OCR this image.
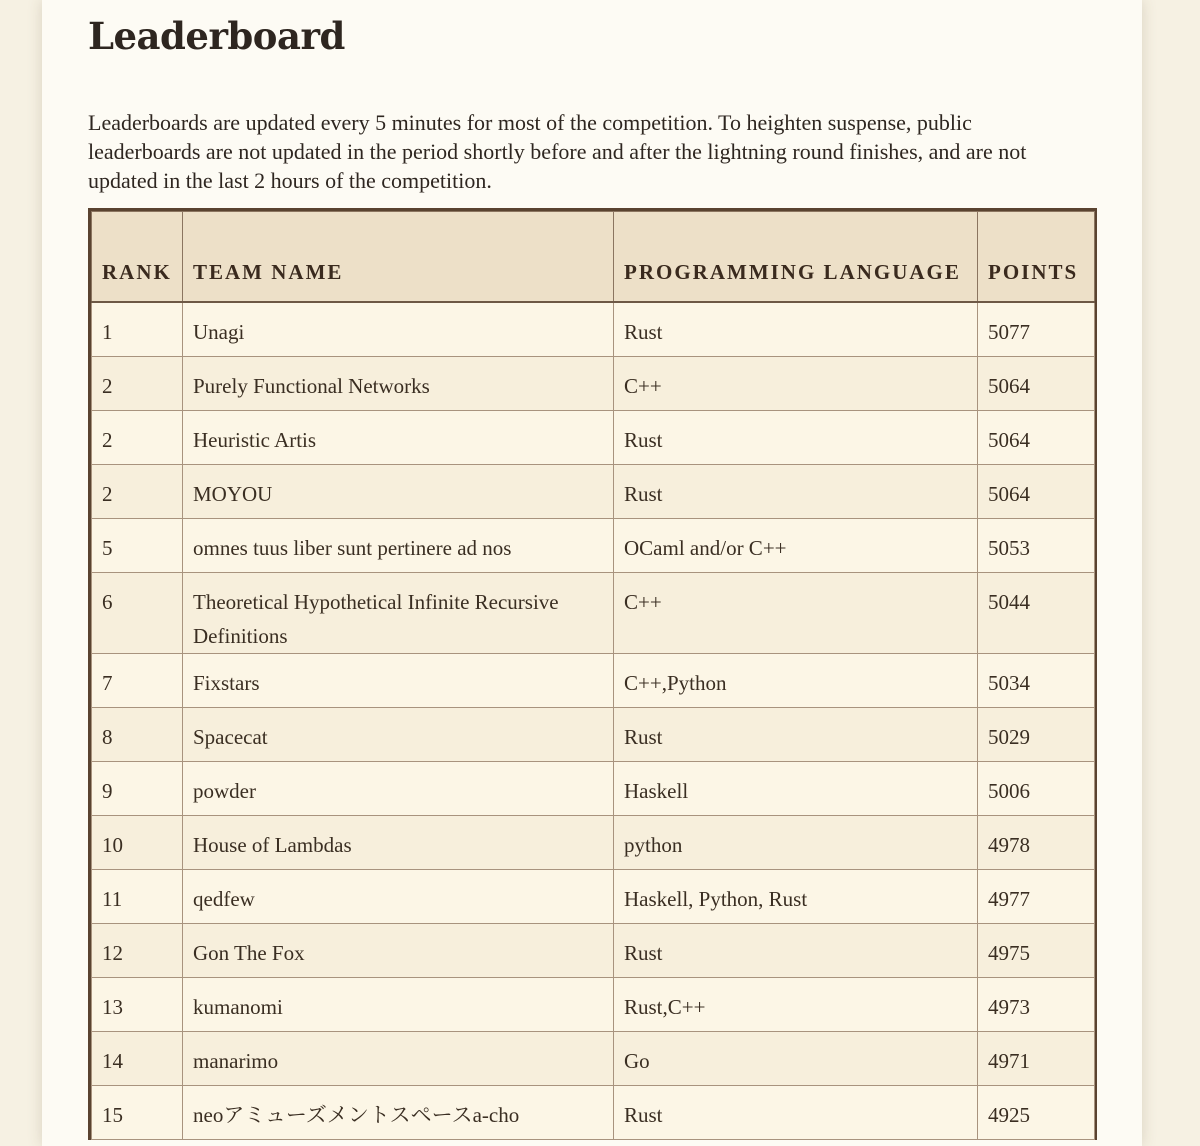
Leaderboard

Leaderboards are updated every 5 minutes for most of the competition. To heighten suspense, public leaderboards are not updated in the period shortly before and after the lightning round finishes, and are not updated in the last 2 hours of the competition.

RANK	TEAM NAME	PROGRAMMING LANGUAGE	POINTS
1	Unagi	Rust	5077
2	Purely Functional Networks	C++	5064
2	Heuristic Artis	Rust	5064
2	MOYOU	Rust	5064
5	omnes tuus liber sunt pertinere ad nos	OCaml and/or C++	5053
6	Theoretical Hypothetical Infinite Recursive Definitions	C++	5044
7	Fixstars	C++,Python	5034
8	Spacecat	Rust	5029
9	powder	Haskell	5006
10	House of Lambdas	python	4978
11	qedfew	Haskell, Python, Rust	4977
12	Gon The Fox	Rust	4975
13	kumanomi	Rust,C++	4973
14	manarimo	Go	4971
15	neoアミューズメントスペースa-cho	Rust	4925
